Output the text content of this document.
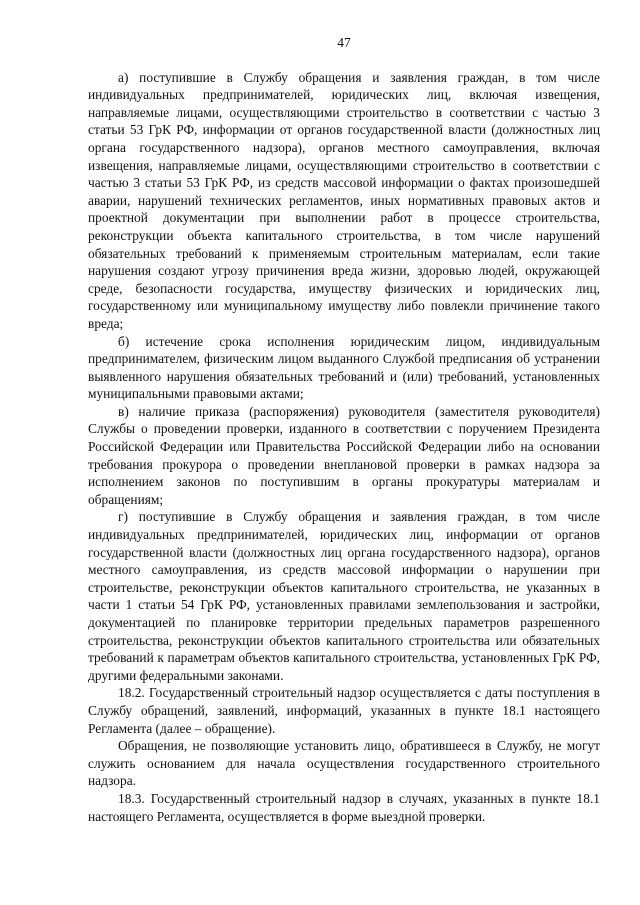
47

а) поступившие в Службу обращения и заявления граждан, в том числе индивидуальных предпринимателей, юридических лиц, включая извещения, направляемые лицами, осуществляющими строительство в соответствии с частью 3 статьи 53 ГрК РФ, информации от органов государственной власти (должностных лиц органа государственного надзора), органов местного самоуправления, включая извещения, направляемые лицами, осуществляющими строительство в соответствии с частью 3 статьи 53 ГрК РФ, из средств массовой информации о фактах произошедшей аварии, нарушений технических регламентов, иных нормативных правовых актов и проектной документации при выполнении работ в процессе строительства, реконструкции объекта капитального строительства, в том числе нарушений обязательных требований к применяемым строительным материалам, если такие нарушения создают угрозу причинения вреда жизни, здоровью людей, окружающей среде, безопасности государства, имуществу физических и юридических лиц, государственному или муниципальному имуществу либо повлекли причинение такого вреда;

б) истечение срока исполнения юридическим лицом, индивидуальным предпринимателем, физическим лицом выданного Службой предписания об устранении выявленного нарушения обязательных требований и (или) требований, установленных муниципальными правовыми актами;

в) наличие приказа (распоряжения) руководителя (заместителя руководителя) Службы о проведении проверки, изданного в соответствии с поручением Президента Российской Федерации или Правительства Российской Федерации либо на основании требования прокурора о проведении внеплановой проверки в рамках надзора за исполнением законов по поступившим в органы прокуратуры материалам и обращениям;

г) поступившие в Службу обращения и заявления граждан, в том числе индивидуальных предпринимателей, юридических лиц, информации от органов государственной власти (должностных лиц органа государственного надзора), органов местного самоуправления, из средств массовой информации о нарушении при строительстве, реконструкции объектов капитального строительства, не указанных в части 1 статьи 54 ГрК РФ, установленных правилами землепользования и застройки, документацией по планировке территории предельных параметров разрешенного строительства, реконструкции объектов капитального строительства или обязательных требований к параметрам объектов капитального строительства, установленных ГрК РФ, другими федеральными законами.

18.2. Государственный строительный надзор осуществляется с даты поступления в Службу обращений, заявлений, информаций, указанных в пункте 18.1 настоящего Регламента (далее – обращение).

Обращения, не позволяющие установить лицо, обратившееся в Службу, не могут служить основанием для начала осуществления государственного строительного надзора.

18.3. Государственный строительный надзор в случаях, указанных в пункте 18.1 настоящего Регламента, осуществляется в форме выездной проверки.
